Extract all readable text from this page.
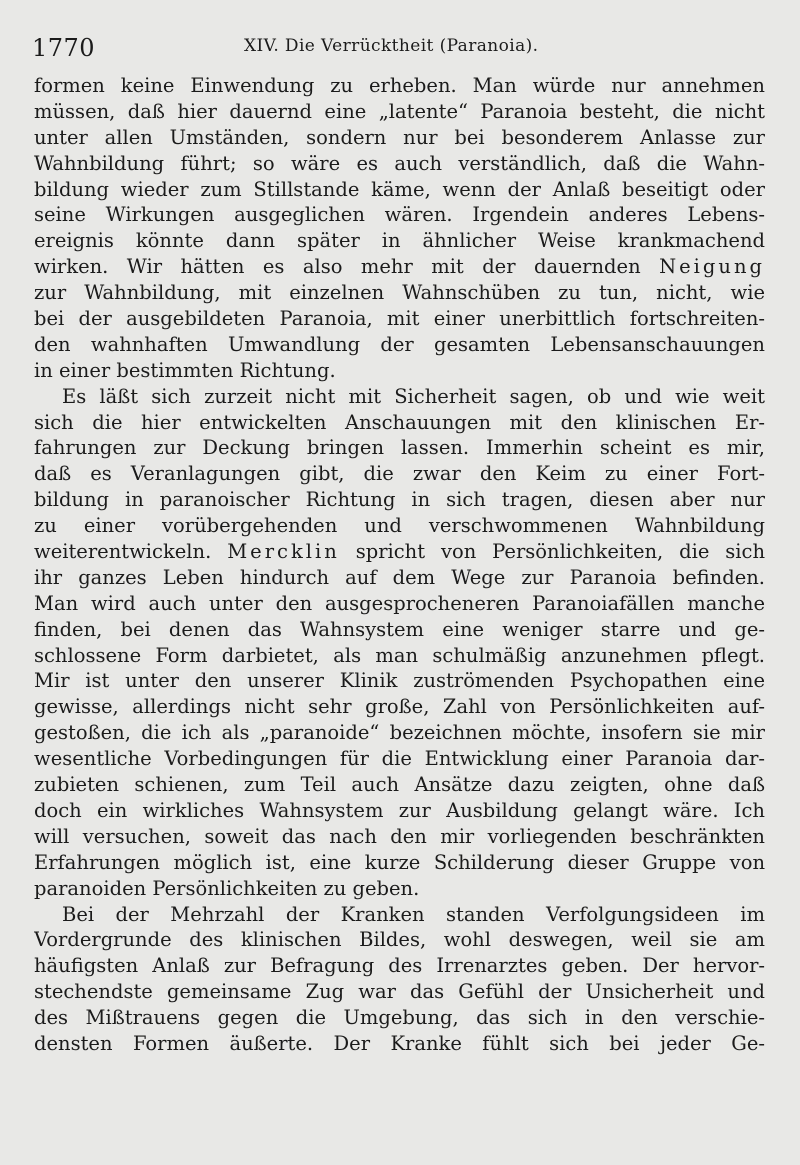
1770	XIV. Die Verrücktheit (Paranoia).
formen keine Einwendung zu erheben. Man würde nur annehmen
müssen, daß hier dauernd eine „latente“ Paranoia besteht, die nicht
unter allen Umständen, sondern nur bei besonderem Anlasse zur
Wahnbildung führt; so wäre es auch verständlich, daß die Wahn-
bildung wieder zum Stillstande käme, wenn der Anlaß beseitigt oder
seine Wirkungen ausgeglichen wären. Irgendein anderes Lebens-
ereignis könnte dann später in ähnlicher Weise krankmachend
wirken. Wir hätten es also mehr mit der dauernden Neigung
zur Wahnbildung, mit einzelnen Wahnschüben zu tun, nicht, wie
bei der ausgebildeten Paranoia, mit einer unerbittlich fortschreiten-
den wahnhaften Umwandlung der gesamten Lebensanschauungen
in einer bestimmten Richtung.
Es läßt sich zurzeit nicht mit Sicherheit sagen, ob und wie weit
sich die hier entwickelten Anschauungen mit den klinischen Er-
fahrungen zur Deckung bringen lassen. Immerhin scheint es mir,
daß es Veranlagungen gibt, die zwar den Keim zu einer Fort-
bildung in paranoischer Richtung in sich tragen, diesen aber nur
zu einer vorübergehenden und verschwommenen Wahnbildung
weiterentwickeln. Mercklin spricht von Persönlichkeiten, die sich
ihr ganzes Leben hindurch auf dem Wege zur Paranoia befinden.
Man wird auch unter den ausgesprocheneren Paranoiafällen manche
finden, bei denen das Wahnsystem eine weniger starre und ge-
schlossene Form darbietet, als man schulmäßig anzunehmen pflegt.
Mir ist unter den unserer Klinik zuströmenden Psychopathen eine
gewisse, allerdings nicht sehr große, Zahl von Persönlichkeiten auf-
gestoßen, die ich als „paranoide“ bezeichnen möchte, insofern sie mir
wesentliche Vorbedingungen für die Entwicklung einer Paranoia dar-
zubieten schienen, zum Teil auch Ansätze dazu zeigten, ohne daß
doch ein wirkliches Wahnsystem zur Ausbildung gelangt wäre. Ich
will versuchen, soweit das nach den mir vorliegenden beschränkten
Erfahrungen möglich ist, eine kurze Schilderung dieser Gruppe von
paranoiden Persönlichkeiten zu geben.
Bei der Mehrzahl der Kranken standen Verfolgungsideen im
Vordergrunde des klinischen Bildes, wohl deswegen, weil sie am
häufigsten Anlaß zur Befragung des Irrenarztes geben. Der hervor-
stechendste gemeinsame Zug war das Gefühl der Unsicherheit und
des Mißtrauens gegen die Umgebung, das sich in den verschie-
densten Formen äußerte. Der Kranke fühlt sich bei jeder Ge-
